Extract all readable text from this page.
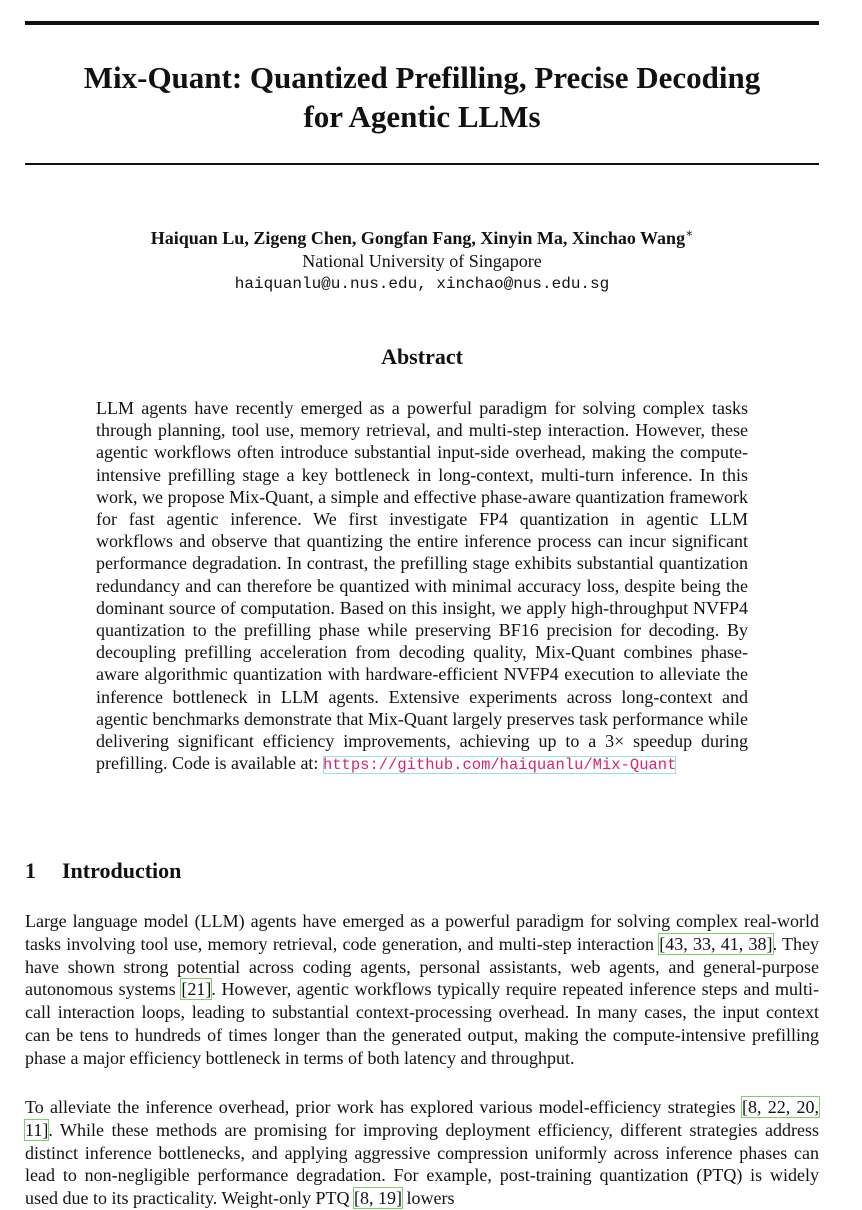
Mix-Quant: Quantized Prefilling, Precise Decoding
for Agentic LLMs
Haiquan Lu, Zigeng Chen, Gongfan Fang, Xinyin Ma, Xinchao Wang∗
National University of Singapore
haiquanlu@u.nus.edu, xinchao@nus.edu.sg
Abstract

LLM agents have recently emerged as a powerful paradigm for solving complex tasks through planning, tool use, memory retrieval, and multi-step interaction. However, these agentic workflows often introduce substantial input-side overhead, making the compute-intensive prefilling stage a key bottleneck in long-context, multi-turn inference. In this work, we propose Mix-Quant, a simple and effective phase-aware quantization framework for fast agentic inference. We first investigate FP4 quantization in agentic LLM workflows and observe that quantizing the entire inference process can incur significant performance degradation. In contrast, the prefilling stage exhibits substantial quantization redundancy and can therefore be quantized with minimal accuracy loss, despite being the dominant source of computation. Based on this insight, we apply high-throughput NVFP4 quantization to the prefilling phase while preserving BF16 precision for decoding. By decoupling prefilling acceleration from decoding quality, Mix-Quant combines phase-aware algorithmic quantization with hardware-efficient NVFP4 execution to alleviate the inference bottleneck in LLM agents. Extensive experiments across long-context and agentic benchmarks demonstrate that Mix-Quant largely preserves task performance while delivering significant efficiency improvements, achieving up to a 3× speedup during prefilling. Code is available at: https://github.com/haiquanlu/Mix-Quant

1 Introduction

Large language model (LLM) agents have emerged as a powerful paradigm for solving complex real-world tasks involving tool use, memory retrieval, code generation, and multi-step interaction [43, 33, 41, 38]. They have shown strong potential across coding agents, personal assistants, web agents, and general-purpose autonomous systems [21]. However, agentic workflows typically require repeated inference steps and multi-call interaction loops, leading to substantial context-processing overhead. In many cases, the input context can be tens to hundreds of times longer than the generated output, making the compute-intensive prefilling phase a major efficiency bottleneck in terms of both latency and throughput.

To alleviate the inference overhead, prior work has explored various model-efficiency strategies [8, 22, 20, 11]. While these methods are promising for improving deployment efficiency, different strategies address distinct inference bottlenecks, and applying aggressive compression uniformly across inference phases can lead to non-negligible performance degradation. For example, post-training quantization (PTQ) is widely used due to its practicality. Weight-only PTQ [8, 19] lowers
